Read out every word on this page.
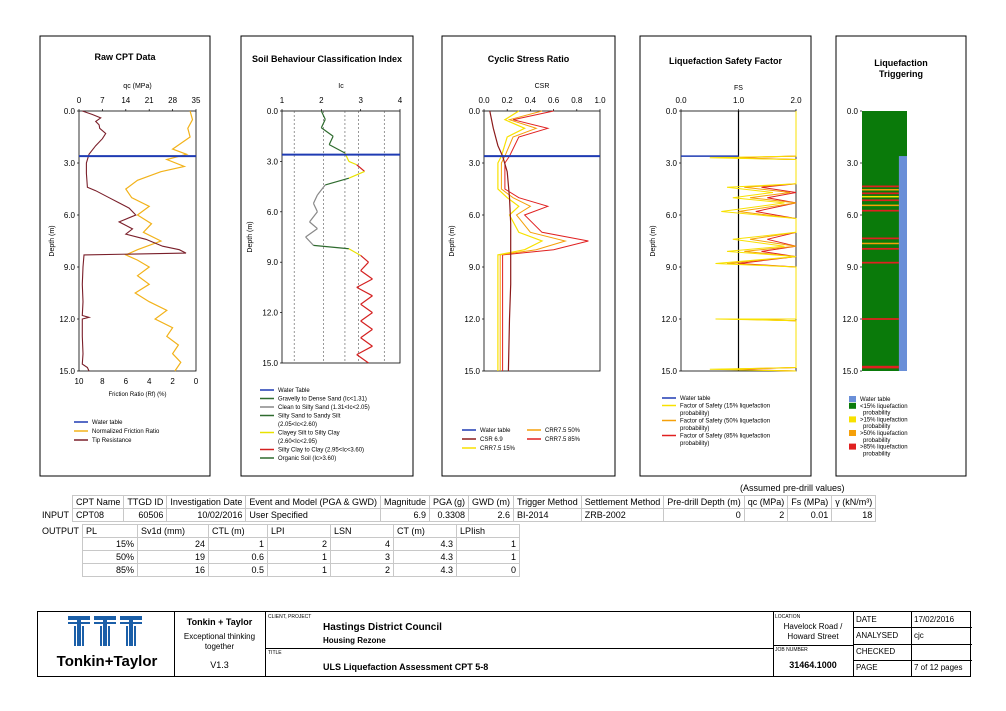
Raw CPT Data	Soil Behaviour Classification Index	Cyclic Stress Ratio	Liquefaction Safety Factor	Liquefaction
Triggering
qc (MPa)
0 7 14 21 28 35
10 8 6 4 2 0
Friction Ratio (Rf) (%)
0.0
3.0
6.0
9.0
12.0
15.0
Depth (m)
Water table
Normalized Friction Ratio
Tip Resistance
Ic
1	2	3	4
0.0
3.0
6.0
9.0
12.0
15.0
Depth (m)
Water Table
Gravelly to Dense Sand (Ic<1.31)
Clean to Silty Sand (1.31<Ic<2.05)
Silty Sand to Sandy Silt
(2.05<Ic<2.60)
Clayey Silt to Silty Clay
(2.60<Ic<2.95)
Silty Clay to Clay (2.95<Ic<3.60)
Organic Soil (Ic>3.60)
CSR
0.0 0.2 0.4 0.6 0.8 1.0
0.0
3.0
6.0
9.0
12.0
15.0
Depth (m)
Water table
CSR 6.9
CRR7.5 15%
CRR7.5 50%
CRR7.5 85%
FS
0.0	1.0	2.0
0.0
3.0
6.0
9.0
12.0
15.0
Depth (m)
Water table
Factor of Safety (15% liquefaction
probability)
Factor of Safety (50% liquefaction
probability)
Factor of Safety (85% liquefaction
probability)
0.0
3.0
6.0
9.0
12.0
15.0
Water table
<15% liquefaction
probability
>15% liquefaction
probability
>50% liquefaction
probability
>85% liquefaction
probability
(Assumed pre-drill values)
	CPT Name	TTGD ID	Investigation Date	Event and Model (PGA & GWD)	Magnitude	PGA (g)	GWD (m)	Trigger Method	Settlement Method	Pre-drill Depth (m)	qc (MPa)	Fs (MPa)	γ (kN/m³)
INPUT	CPT08	60506	10/02/2016	User Specified	6.9	0.3308	2.6	BI-2014	ZRB-2002	0	2	0.01	18
OUTPUT	PL	Sv1d (mm)	CTL (m)	LPI	LSN	CT (m)	LPIish
	15%	24	1	2	4	4.3	1
	50%	19	0.6	1	3	4.3	1
	85%	16	0.5	1	2	4.3	0
Tonkin+Taylor
Tonkin + Taylor
Exceptional thinking
together
V1.3
CLIENT, PROJECT
Hastings District Council
Housing Rezone
TITLE
ULS Liquefaction Assessment CPT 5-8
LOCATION
Havelock Road /
Howard Street
JOB NUMBER
31464.1000
DATE	17/02/2016
ANALYSED cjc
CHECKED
PAGE	7 of 12 pages
